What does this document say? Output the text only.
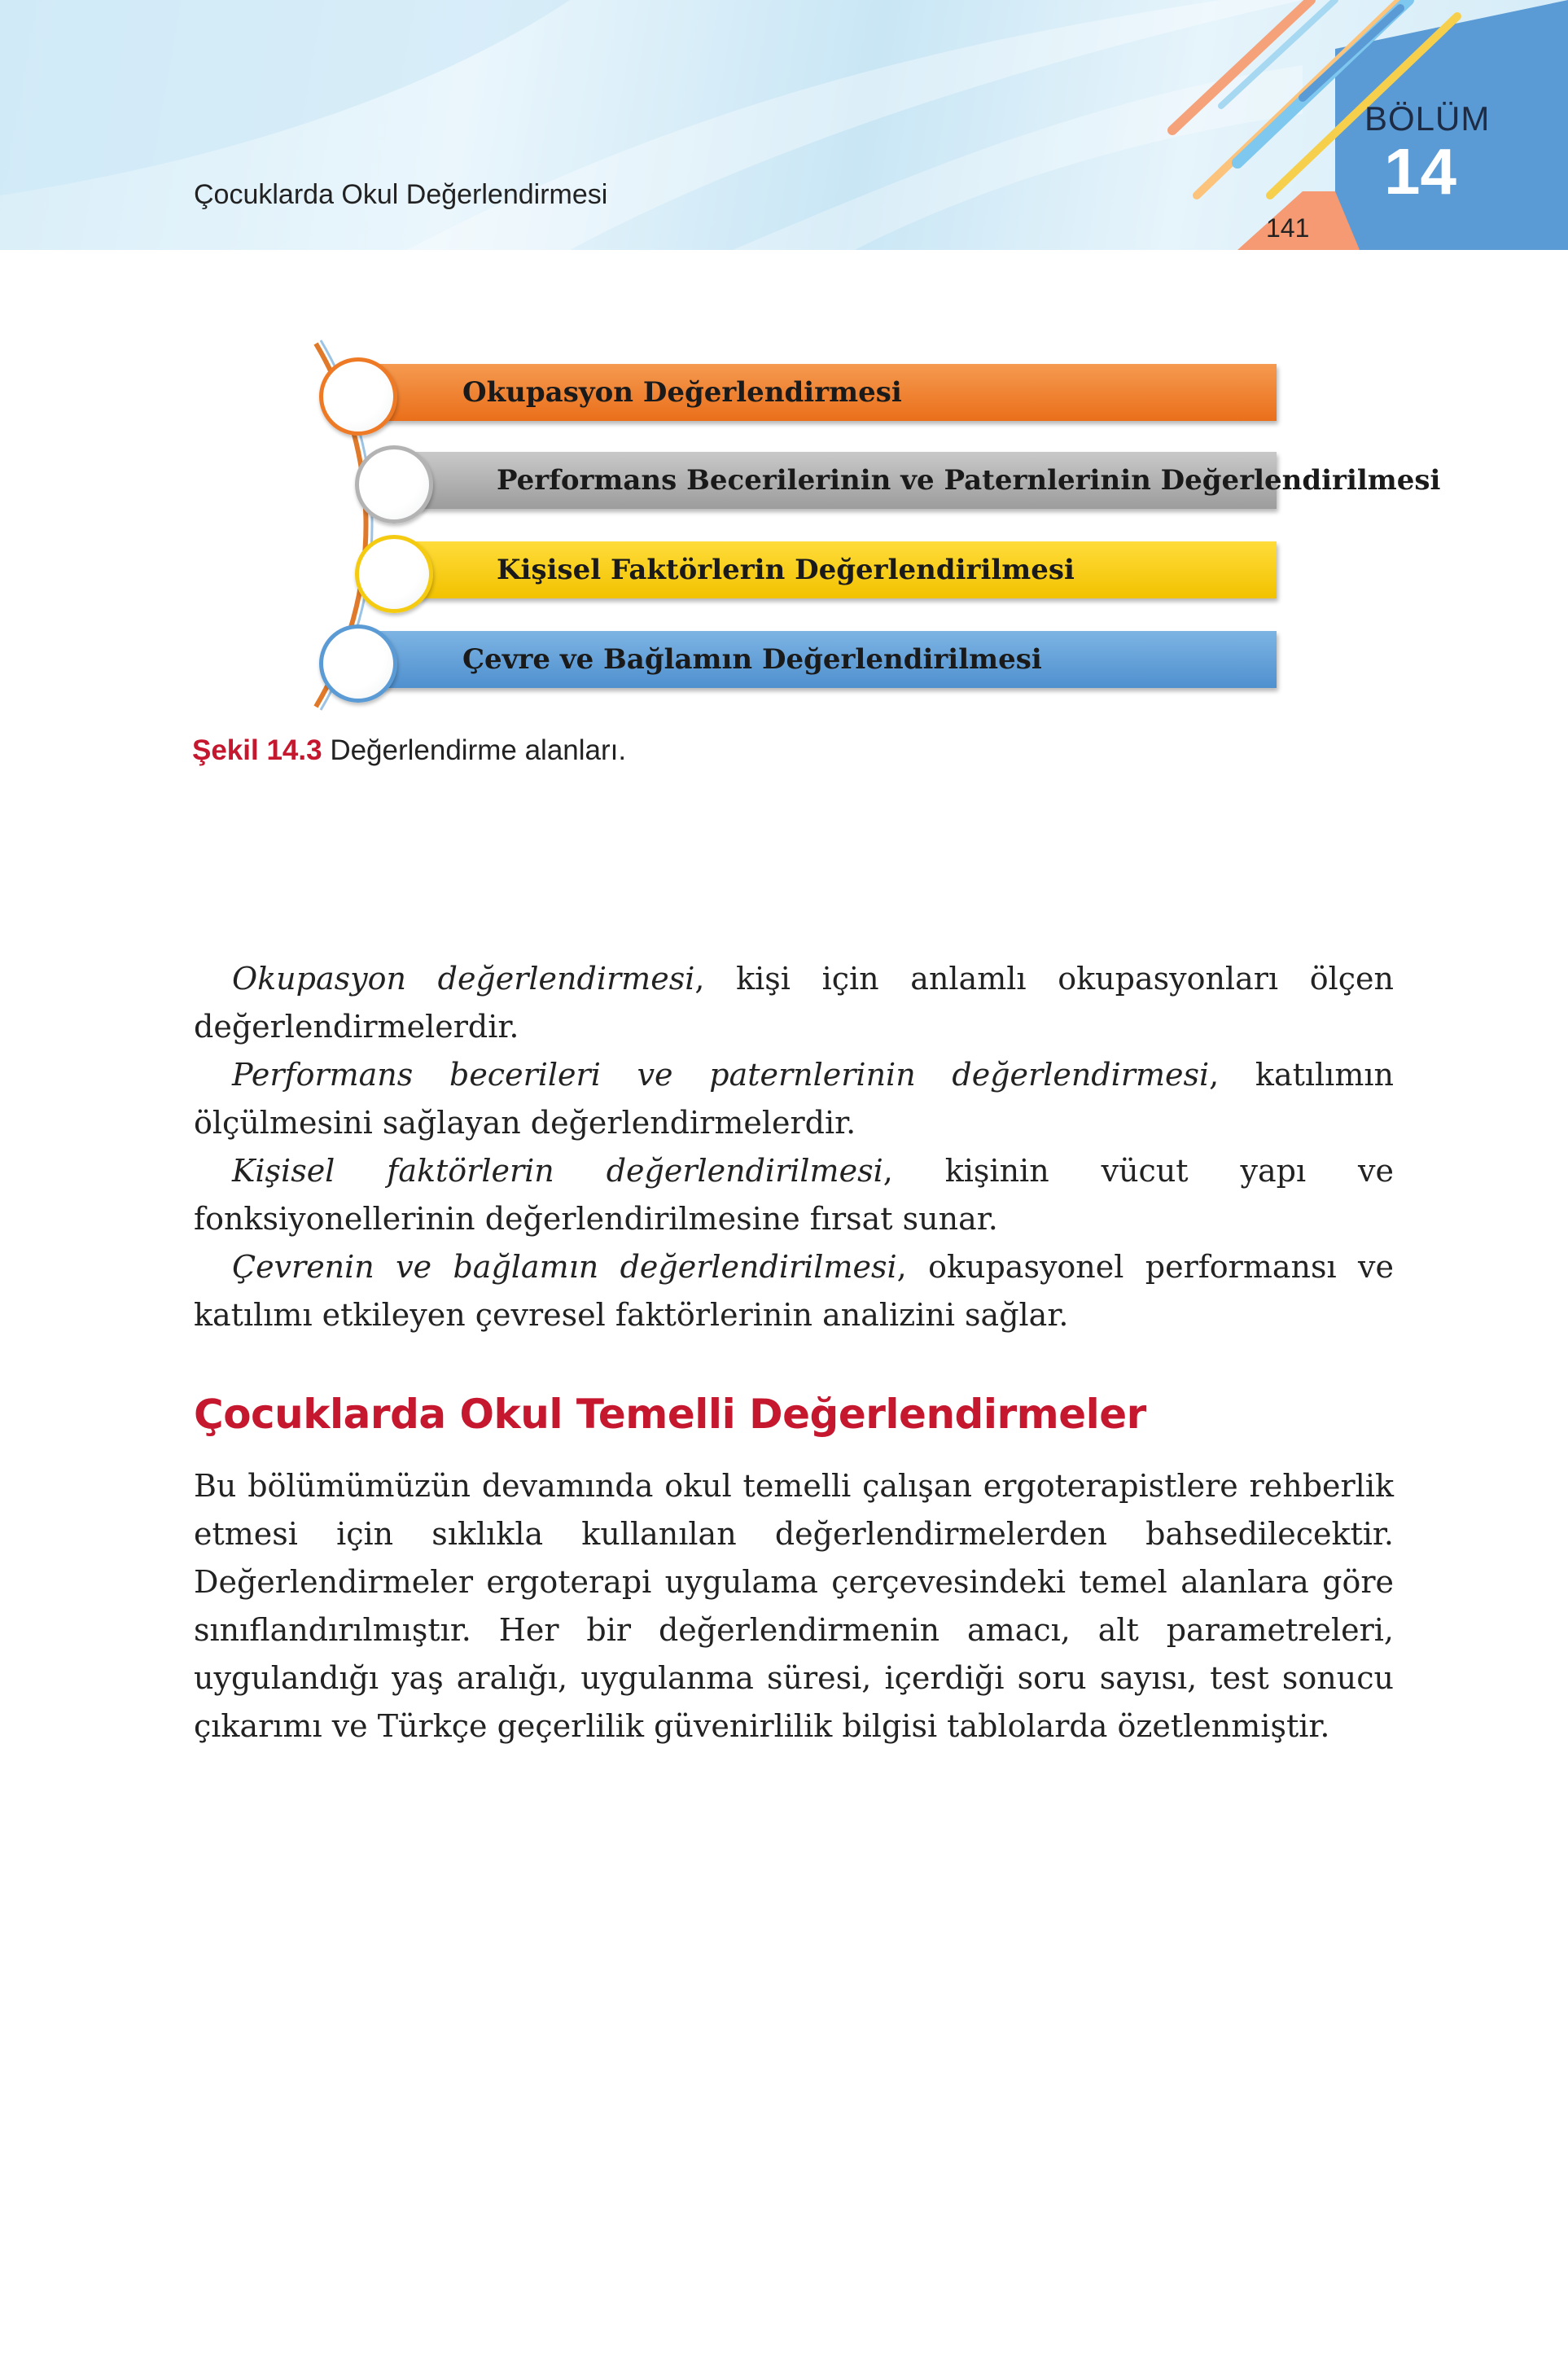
Çocuklarda Okul Değerlendirmesi
141
BÖLÜM
14
Okupasyon Değerlendirmesi
Performans Becerilerinin ve Paternlerinin Değerlendirilmesi
Kişisel Faktörlerin Değerlendirilmesi
Çevre ve Bağlamın Değerlendirilmesi
Şekil 14.3 Değerlendirme alanları.

Okupasyon değerlendirmesi, kişi için anlamlı okupasyonları ölçen değerlendirmelerdir.

Performans becerileri ve paternlerinin değerlendirmesi, katılımın ölçülmesini sağlayan değerlendirmelerdir.

Kişisel faktörlerin değerlendirilmesi, kişinin vücut yapı ve fonksiyonellerinin değerlendirilmesine fırsat sunar.

Çevrenin ve bağlamın değerlendirilmesi, okupasyonel performansı ve katılımı etkileyen çevresel faktörlerinin analizini sağlar.

Çocuklarda Okul Temelli Değerlendirmeler

Bu bölümümüzün devamında okul temelli çalışan ergoterapistlere rehberlik etmesi için sıklıkla kullanılan değerlendirmelerden bahsedilecektir. Değerlendirmeler ergoterapi uygulama çerçevesindeki temel alanlara göre sınıflandırılmıştır. Her bir değerlendirmenin amacı, alt parametreleri, uygulandığı yaş aralığı, uygulanma süresi, içerdiği soru sayısı, test sonucu çıkarımı ve Türkçe geçerlilik güvenirlilik bilgisi tablolarda özetlenmiştir.
